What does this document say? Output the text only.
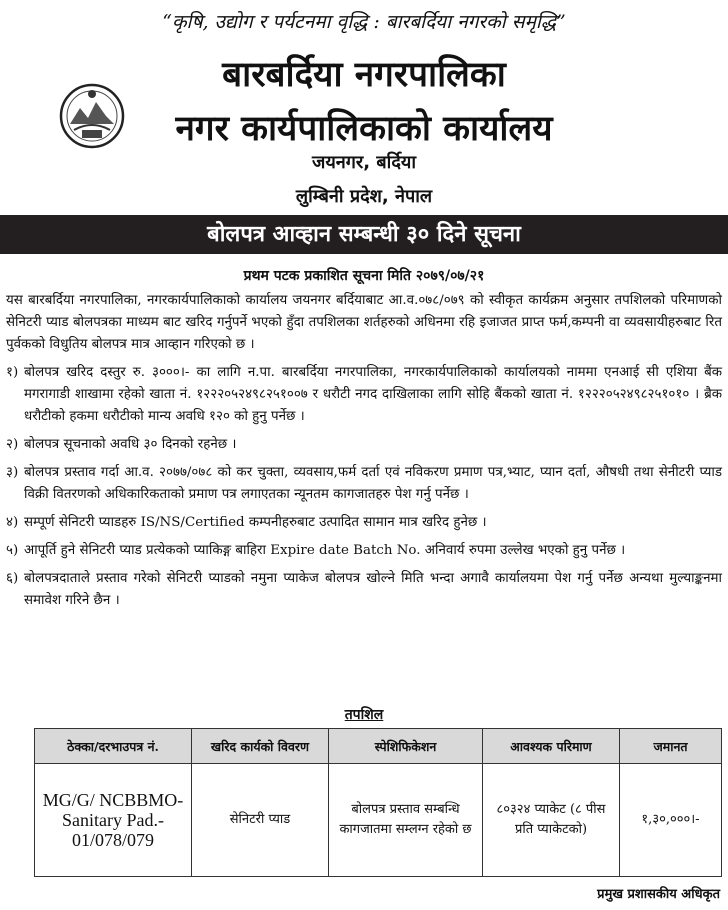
“कृषि, उद्योग र पर्यटनमा वृद्धि : बारबर्दिया नगरको समृद्धि”
बारबर्दिया नगरपालिका
नगर कार्यपालिकाको कार्यालय
जयनगर, बर्दिया
लुम्बिनी प्रदेश, नेपाल
बोलपत्र आव्हान सम्बन्धी ३० दिने सूचना
प्रथम पटक प्रकाशित सूचना मिति २०७९/०७/२१

यस बारबर्दिया नगरपालिका, नगरकार्यपालिकाको कार्यालय जयनगर बर्दियाबाट आ.व.०७८/०७९ को स्वीकृत कार्यक्रम अनुसार तपशिलको परिमाणको सेनिटरी प्याड बोलपत्रका माध्यम बाट खरिद गर्नुपर्ने भएको हुँदा तपशिलका शर्तहरुको अधिनमा रहि इजाजत प्राप्त फर्म,कम्पनी वा व्यवसायीहरुबाट रित पुर्वकको विधुतिय बोलपत्र मात्र आव्हान गरिएको छ ।

१) बोलपत्र खरिद दस्तुर रु. ३०००।- का लागि न.पा. बारबर्दिया नगरपालिका, नगरकार्यपालिकाको कार्यालयको नाममा एनआई सी एशिया बैंक मगरागाडी शाखामा रहेको खाता नं. १२२२०५२४९८२५१००७ र धरौटी नगद दाखिलाका लागि सोहि बैंकको खाता नं. १२२२०५२४९८२५१०१० । ब्रैक धरौटीको हकमा धरौटीको मान्य अवधि १२० को हुनु पर्नेछ ।
२) बोलपत्र सूचनाको अवधि ३० दिनको रहनेछ ।
३) बोलपत्र प्रस्ताव गर्दा आ.व. २०७७/०७८ को कर चुक्ता, व्यवसाय,फर्म दर्ता एवं नविकरण प्रमाण पत्र,भ्याट, प्यान दर्ता, औषधी तथा सेनीटरी प्याड विक्री वितरणको अधिकारिकताको प्रमाण पत्र लगाएतका न्यूनतम कागजातहरु पेश गर्नु पर्नेछ ।
४) सम्पूर्ण सेनिटरी प्याडहरु IS/NS/Certified कम्पनीहरुबाट उत्पादित सामान मात्र खरिद हुनेछ ।
५) आपूर्ति हुने सेनिटरी प्याड प्रत्येकको प्याकिङ्ग बाहिरा Expire date Batch No. अनिवार्य रुपमा उल्लेख भएको हुनु पर्नेछ ।
६) बोलपत्रदाताले प्रस्ताव गरेको सेनिटरी प्याडको नमुना प्याकेज बोलपत्र खोल्ने मिति भन्दा अगावै कार्यालयमा पेश गर्नु पर्नेछ अन्यथा मुल्याङ्कनमा समावेश गरिने छैन ।
तपशिल
ठेक्का/दरभाउपत्र नं.	खरिद कार्यको विवरण	स्पेशिफिकेशन	आवश्यक परिमाण	जमानत
MG/G/ NCBBMO- Sanitary Pad.- 01/078/079	सेनिटरी प्याड	बोलपत्र प्रस्ताव सम्बन्धि कागजातमा सम्लग्न रहेको छ	८०३२४ प्याकेट (८ पीस प्रति प्याकेटको)	१,३०,०००।-
प्रमुख प्रशासकीय अधिकृत
